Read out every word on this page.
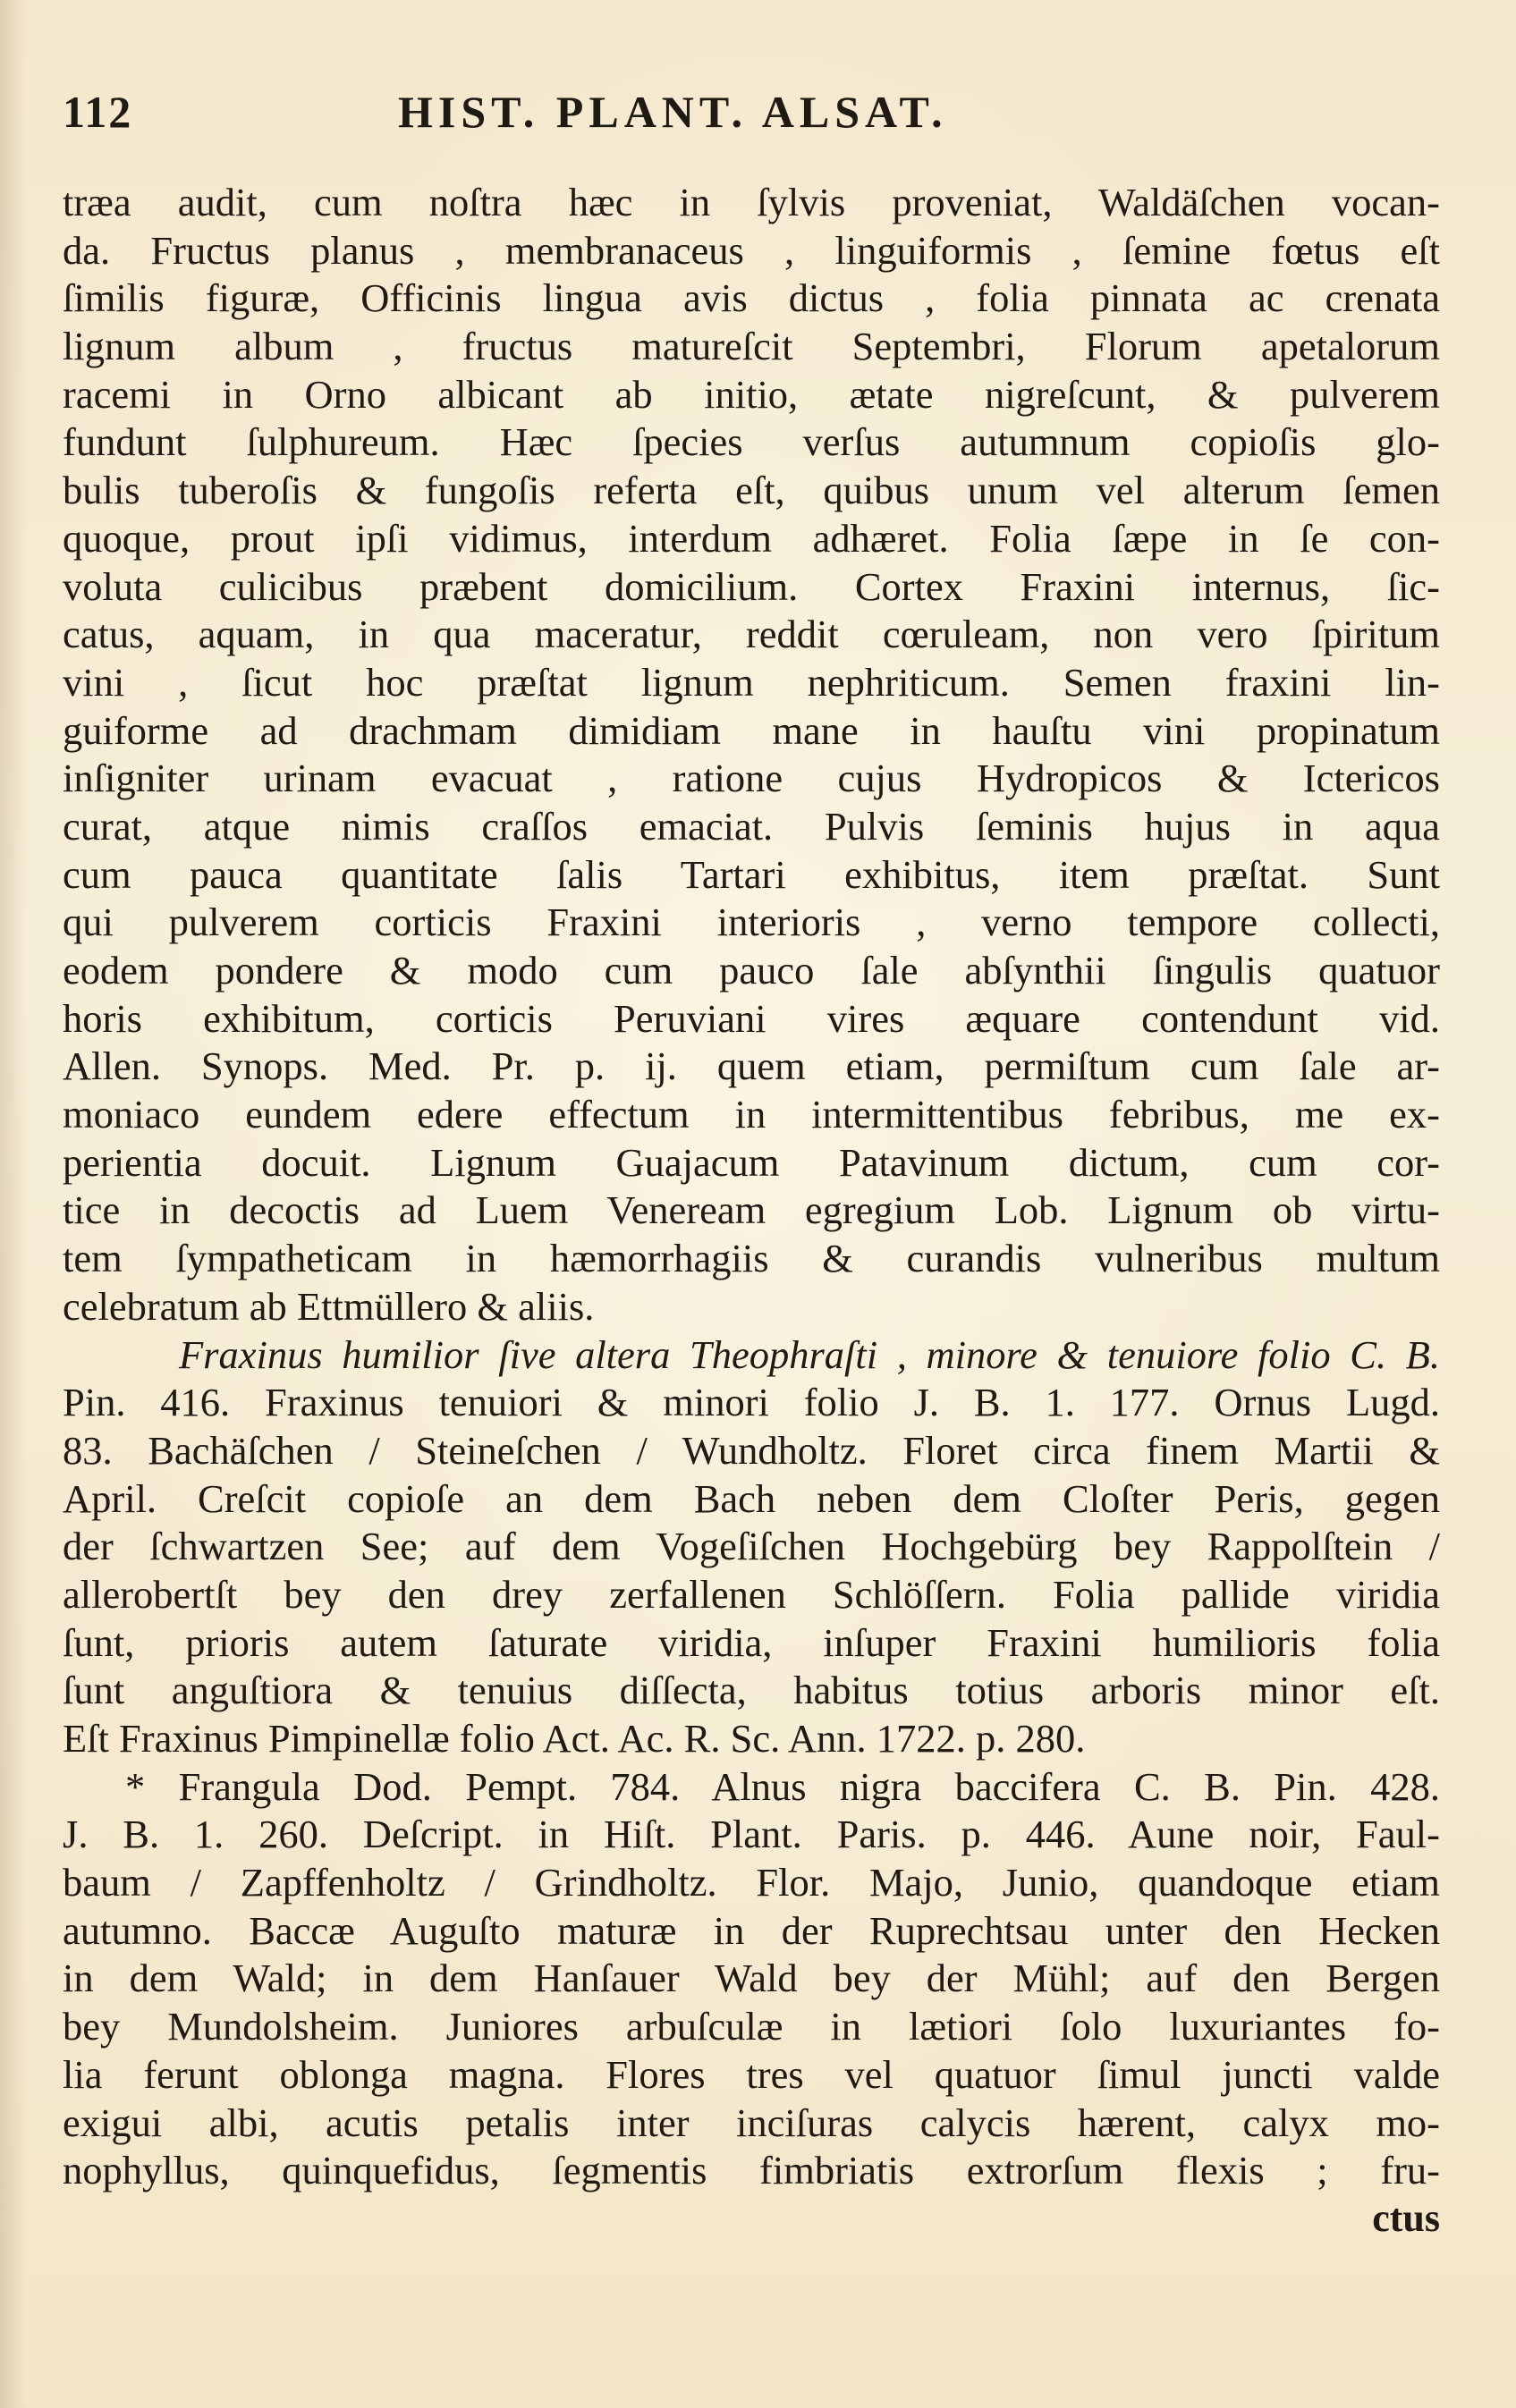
112	HIST. PLANT. ALSAT.
træa audit, cum noſtra hæc in ſylvis proveniat, Waldäſchen vocan-
da. Fructus planus , membranaceus , linguiformis , ſemine fœtus eſt
ſimilis figuræ, Officinis lingua avis dictus , folia pinnata ac crenata
lignum album , fructus matureſcit Septembri, Florum apetalorum
racemi in Orno albicant ab initio, ætate nigreſcunt, & pulverem
fundunt ſulphureum. Hæc ſpecies verſus autumnum copioſis glo-
bulis tuberoſis & fungoſis referta eſt, quibus unum vel alterum ſemen
quoque, prout ipſi vidimus, interdum adhæret. Folia ſæpe in ſe con-
voluta culicibus præbent domicilium. Cortex Fraxini internus, ſic-
catus, aquam, in qua maceratur, reddit cœruleam, non vero ſpiritum
vini , ſicut hoc præſtat lignum nephriticum. Semen fraxini lin-
guiforme ad drachmam dimidiam mane in hauſtu vini propinatum
inſigniter urinam evacuat , ratione cujus Hydropicos & Ictericos
curat, atque nimis craſſos emaciat. Pulvis ſeminis hujus in aqua
cum pauca quantitate ſalis Tartari exhibitus, item præſtat. Sunt
qui pulverem corticis Fraxini interioris , verno tempore collecti,
eodem pondere & modo cum pauco ſale abſynthii ſingulis quatuor
horis exhibitum, corticis Peruviani vires æquare contendunt vid.
Allen. Synops. Med. Pr. p. ij. quem etiam, permiſtum cum ſale ar-
moniaco eundem edere effectum in intermittentibus febribus, me ex-
perientia docuit. Lignum Guajacum Patavinum dictum, cum cor-
tice in decoctis ad Luem Veneream egregium Lob. Lignum ob virtu-
tem ſympatheticam in hæmorrhagiis & curandis vulneribus multum
celebratum ab Ettmüllero & aliis.
Fraxinus humilior ſive altera Theophraſti , minore & tenuiore folio C. B.
Pin. 416. Fraxinus tenuiori & minori folio J. B. 1. 177. Ornus Lugd.
83. Bachäſchen / Steineſchen / Wundholtz. Floret circa finem Martii &
April. Creſcit copioſe an dem Bach neben dem Cloſter Peris, gegen
der ſchwartzen See; auf dem Vogeſiſchen Hochgebürg bey Rappolſtein /
allerobertſt bey den drey zerfallenen Schlöſſern. Folia pallide viridia
ſunt, prioris autem ſaturate viridia, inſuper Fraxini humilioris folia
ſunt anguſtiora & tenuius diſſecta, habitus totius arboris minor eſt.
Eſt Fraxinus Pimpinellæ folio Act. Ac. R. Sc. Ann. 1722. p. 280.
* Frangula Dod. Pempt. 784. Alnus nigra baccifera C. B. Pin. 428.
J. B. 1. 260. Deſcript. in Hiſt. Plant. Paris. p. 446. Aune noir, Faul-
baum / Zapffenholtz / Grindholtz. Flor. Majo, Junio, quandoque etiam
autumno. Baccæ Auguſto maturæ in der Ruprechtsau unter den Hecken
in dem Wald; in dem Hanſauer Wald bey der Mühl; auf den Bergen
bey Mundolsheim. Juniores arbuſculæ in lætiori ſolo luxuriantes fo-
lia ferunt oblonga magna. Flores tres vel quatuor ſimul juncti valde
exigui albi, acutis petalis inter inciſuras calycis hærent, calyx mo-
nophyllus, quinquefidus, ſegmentis fimbriatis extrorſum flexis ; fru-
ctus
